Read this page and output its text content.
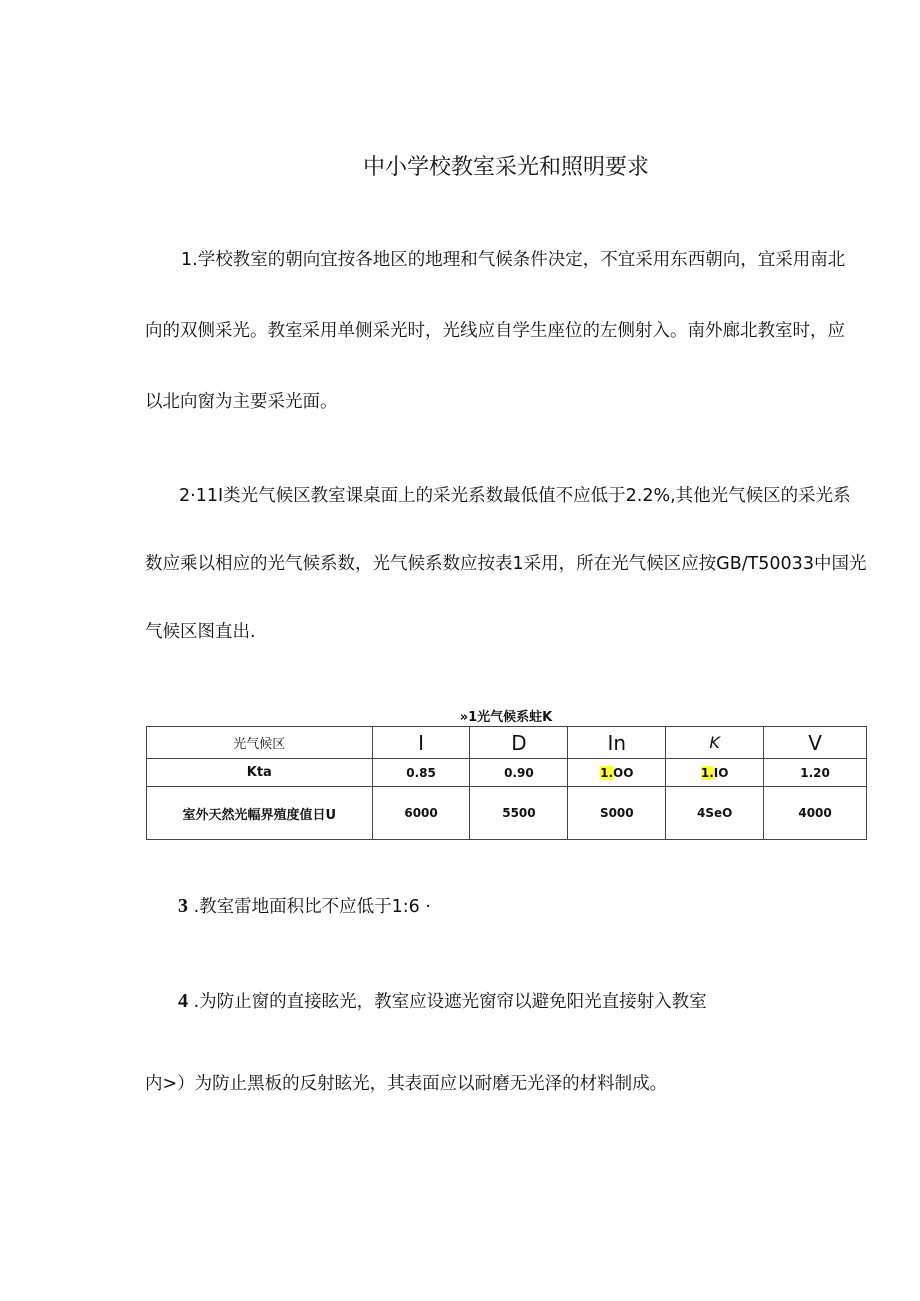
中小学校教室采光和照明要求

1.学校教室的朝向宜按各地区的地理和气候条件决定，不宜采用东西朝向，宜采用南北
向的双侧采光。教室采用单侧采光时，光线应自学生座位的左侧射入。南外廊北教室时，应
以北向窗为主要采光面。

2·11I类光气候区教室课桌面上的采光系数最低值不应低于2.2%,其他光气候区的采光系
数应乘以相应的光气候系数，光气候系数应按表1采用，所在光气候区应按GB/T50033中国光
气候区图直出.

»1光气候系蛀K
光气候区	I	D	In	K	V
Kta	0.85	0.90	1.OO	1.IO	1.20
室外天然光幅界殖度值日U	6000	5500	S000	4SeO	4000

3 .教室雷地面积比不应低于1:6 ·

4 .为防止窗的直接眩光，教室应设遮光窗帘以避免阳光直接射入教室

内>）为防止黑板的反射眩光，其表面应以耐磨无光泽的材料制成。
